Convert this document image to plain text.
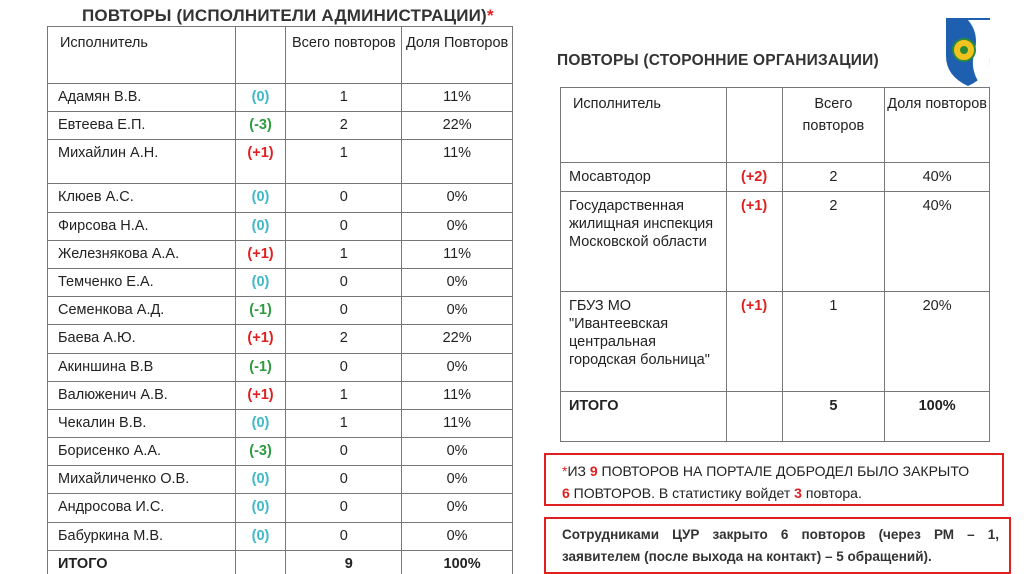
ПОВТОРЫ (ИСПОЛНИТЕЛИ АДМИНИСТРАЦИИ)*
ПОВТОРЫ (СТОРОННИЕ ОРГАНИЗАЦИИ)
Исполнитель		Всего повторов	Доля Повторов
Адамян В.В.	(0)	1	11%
Евтеева Е.П.	(-3)	2	22%
Михайлин А.Н.	(+1)	1	11%
Клюев А.С.	(0)	0	0%
Фирсова Н.А.	(0)	0	0%
Железнякова А.А.	(+1)	1	11%
Темченко Е.А.	(0)	0	0%
Семенкова А.Д.	(-1)	0	0%
Баева А.Ю.	(+1)	2	22%
Акиншина В.В	(-1)	0	0%
Валюженич А.В.	(+1)	1	11%
Чекалин В.В.	(0)	1	11%
Борисенко А.А.	(-3)	0	0%
Михайличенко О.В.	(0)	0	0%
Андросова И.С.	(0)	0	0%
Бабуркина М.В.	(0)	0	0%
ИТОГО		9	100%
Исполнитель		Всего повторов	Доля повторов
Мосавтодор	(+2)	2	40%
Государственная жилищная инспекция Московской области	(+1)	2	40%
ГБУЗ МО "Ивантеевская центральная городская больница"	(+1)	1	20%
ИТОГО		5	100%
*ИЗ 9 ПОВТОРОВ НА ПОРТАЛЕ ДОБРОДЕЛ БЫЛО ЗАКРЫТО
6 ПОВТОРОВ. В статистику войдет 3 повтора.
Сотрудниками ЦУР закрыто 6 повторов (через РМ – 1, заявителем (после выхода на контакт) – 5 обращений).
